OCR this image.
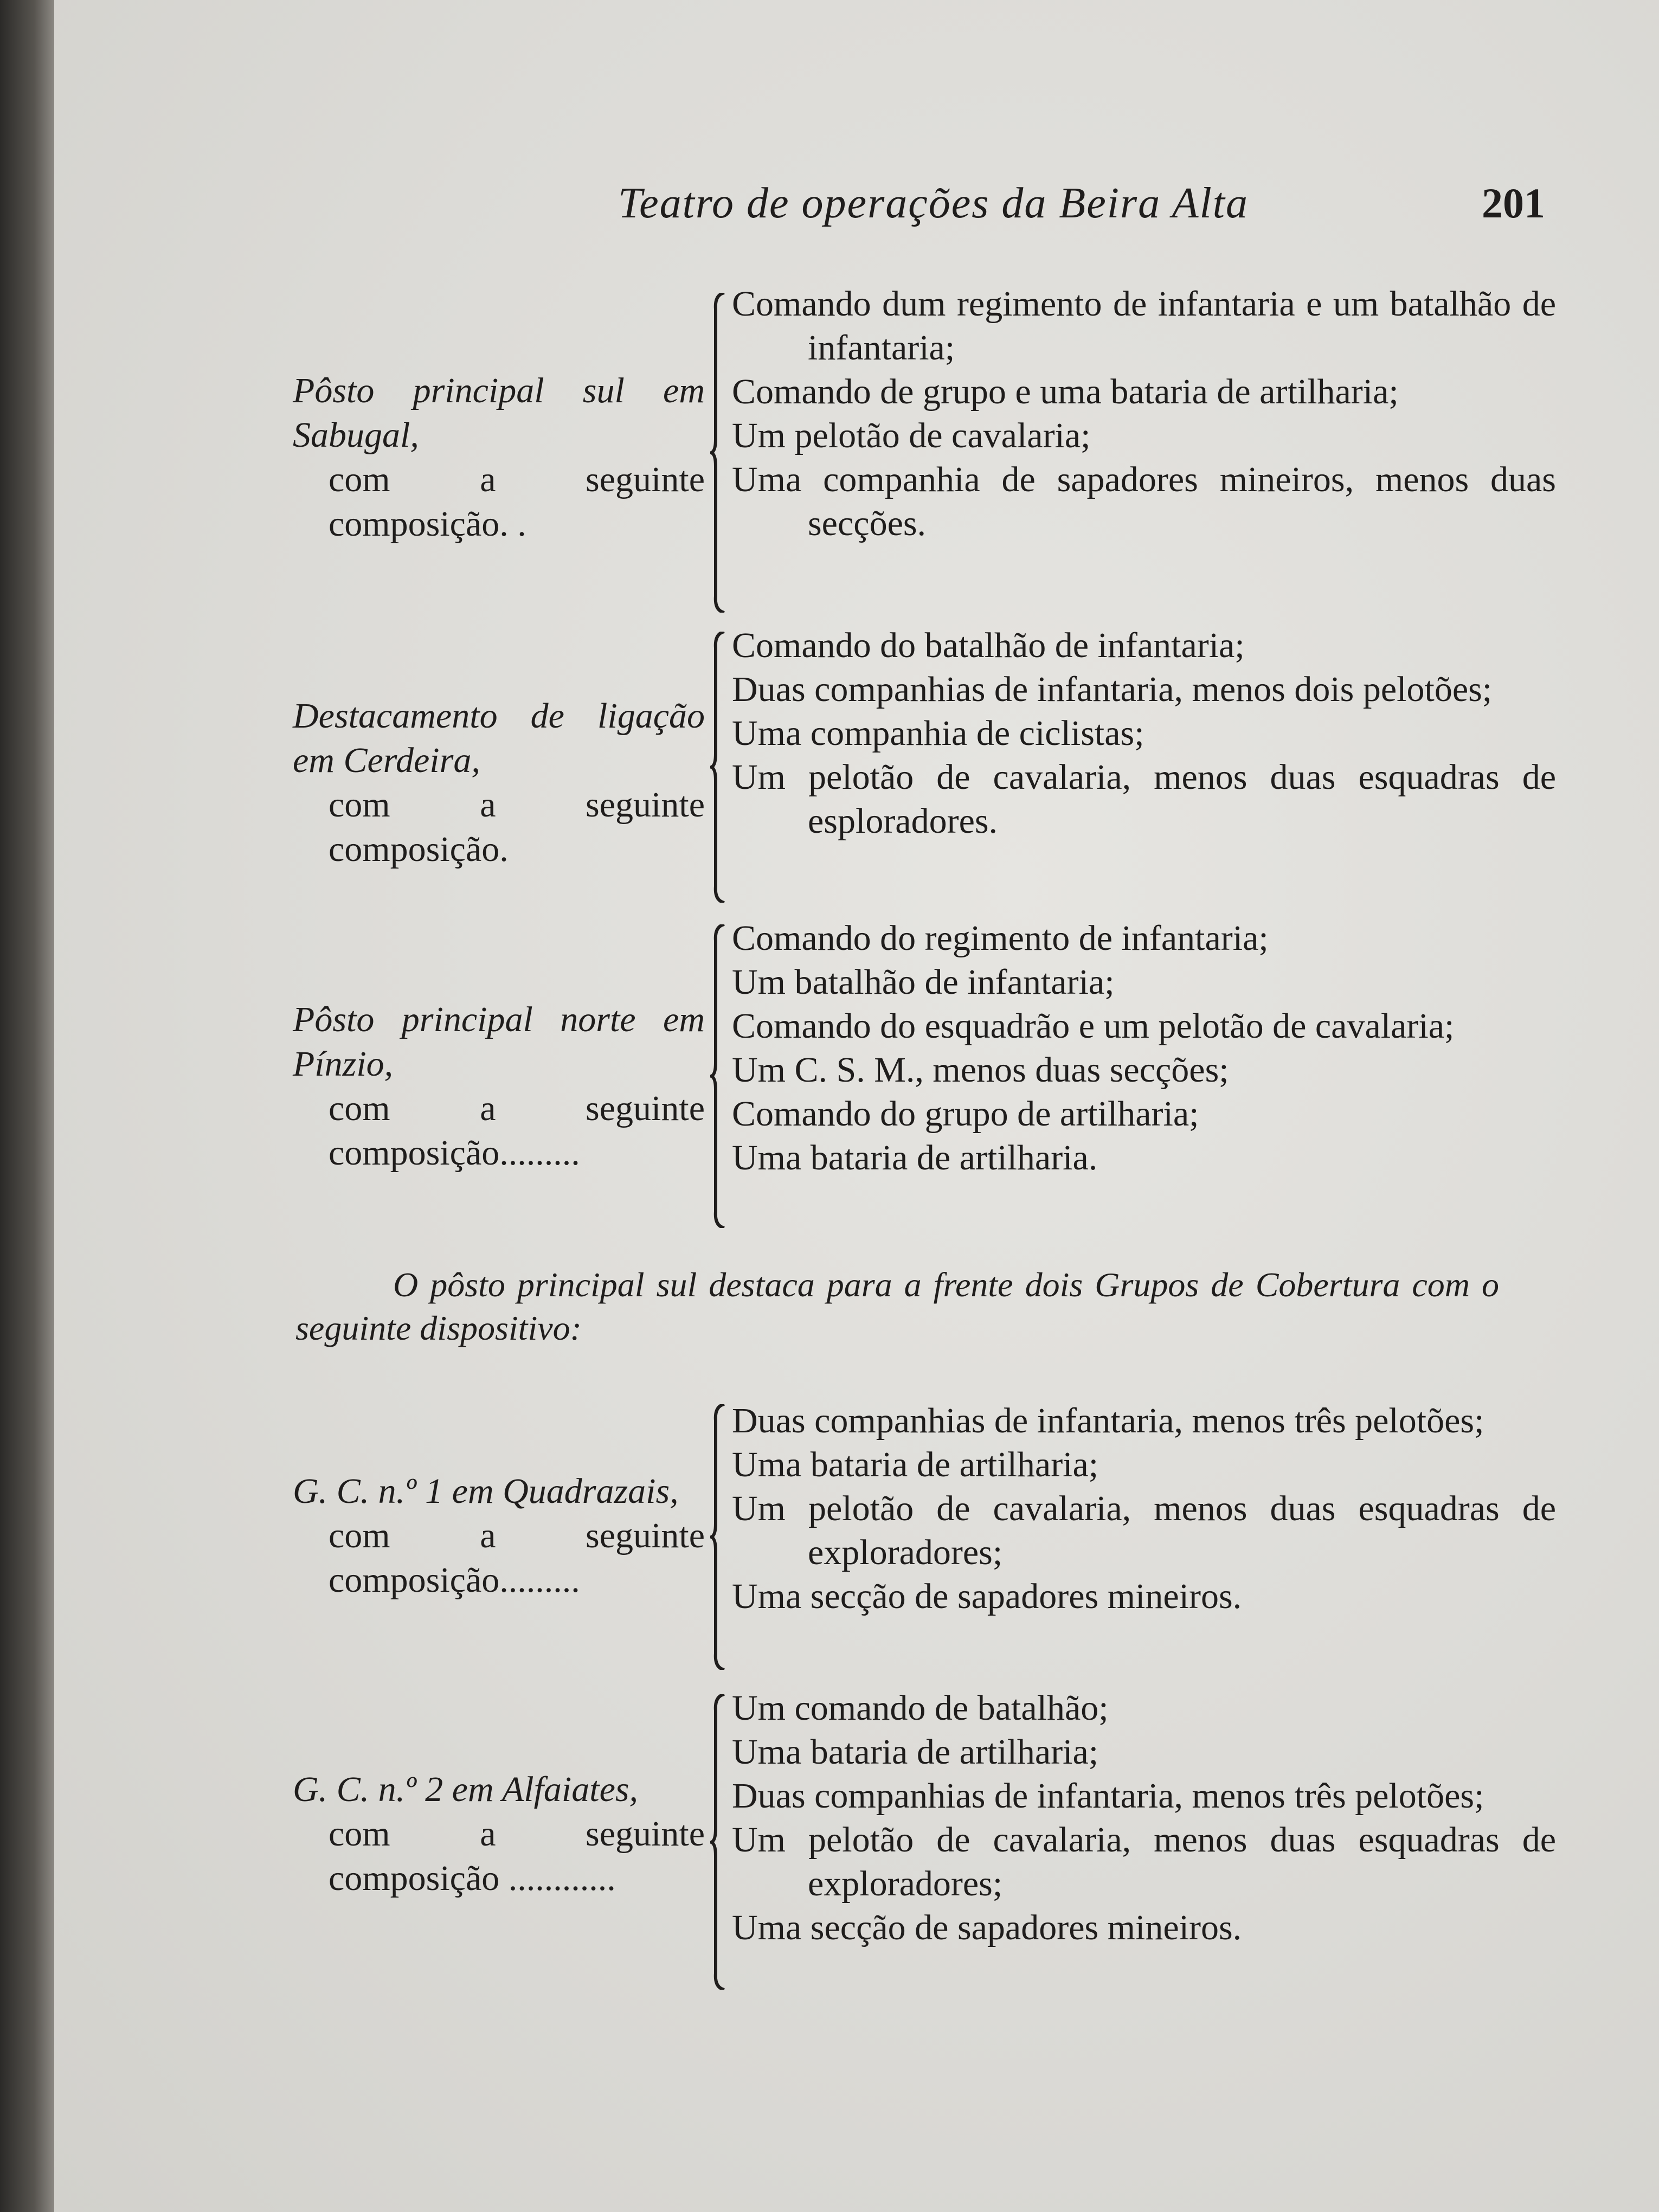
Teatro de operações da Beira Alta	201
Pôsto principal sul em Sabugal,
com a seguinte composição. .
Comando dum regimento de infantaria e um batalhão de infantaria;
Comando de grupo e uma bataria de artilharia;
Um pelotão de cavalaria;
Uma companhia de sapadores mineiros, menos duas secções.
Destacamento de ligação em Cerdeira,
com a seguinte composição.
Comando do batalhão de infantaria;
Duas companhias de infantaria, menos dois pelotões;
Uma companhia de ciclistas;
Um pelotão de cavalaria, menos duas esquadras de esploradores.
Pôsto principal norte em Pínzio,
com a seguinte composição.........
Comando do regimento de infantaria;
Um batalhão de infantaria;
Comando do esquadrão e um pelotão de cavalaria;
Um C. S. M., menos duas secções;
Comando do grupo de artilharia;
Uma bataria de artilharia.
O pôsto principal sul destaca para a frente dois Grupos de Cobertura com o seguinte dispositivo:
G. C. n.º 1 em Quadrazais,
com a seguinte composição.........
Duas companhias de infantaria, menos três pelotões;
Uma bataria de artilharia;
Um pelotão de cavalaria, menos duas esquadras de exploradores;
Uma secção de sapadores mineiros.
G. C. n.º 2 em Alfaiates,
com a seguinte composição ............
Um comando de batalhão;
Uma bataria de artilharia;
Duas companhias de infantaria, menos três pelotões;
Um pelotão de cavalaria, menos duas esquadras de exploradores;
Uma secção de sapadores mineiros.
